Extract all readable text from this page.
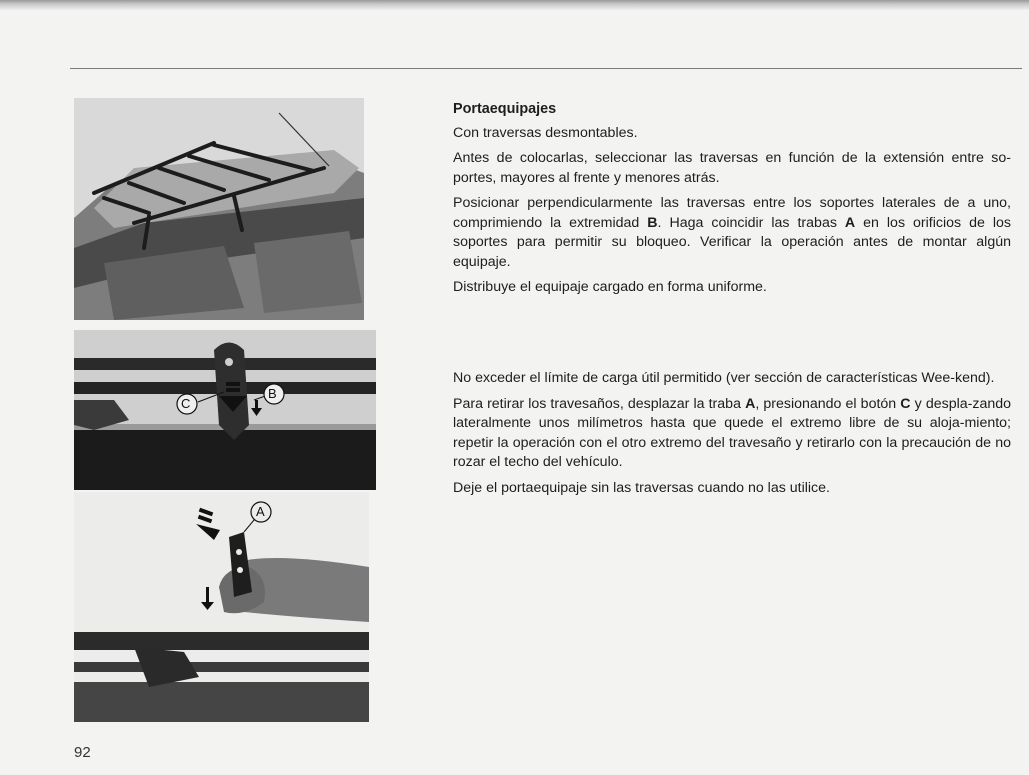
C
B
A

Portaequipajes

Con traversas desmontables.

Antes de colocarlas, seleccionar las traversas en función de la extensión entre so-portes, mayores al frente y menores atrás.

Posicionar perpendicularmente las traversas entre los soportes laterales de a uno, comprimiendo la extremidad B. Haga coincidir las trabas A en los orificios de los soportes para permitir su bloqueo. Verificar la operación antes de montar algún equipaje.

Distribuye el equipaje cargado en forma uniforme.

No exceder el límite de carga útil permitido (ver sección de características Wee-kend).

Para retirar los travesaños, desplazar la traba A, presionando el botón C y despla-zando lateralmente unos milímetros hasta que quede el extremo libre de su aloja-miento; repetir la operación con el otro extremo del travesaño y retirarlo con la precaución de no rozar el techo del vehículo.

Deje el portaequipaje sin las traversas cuando no las utilice.

92
